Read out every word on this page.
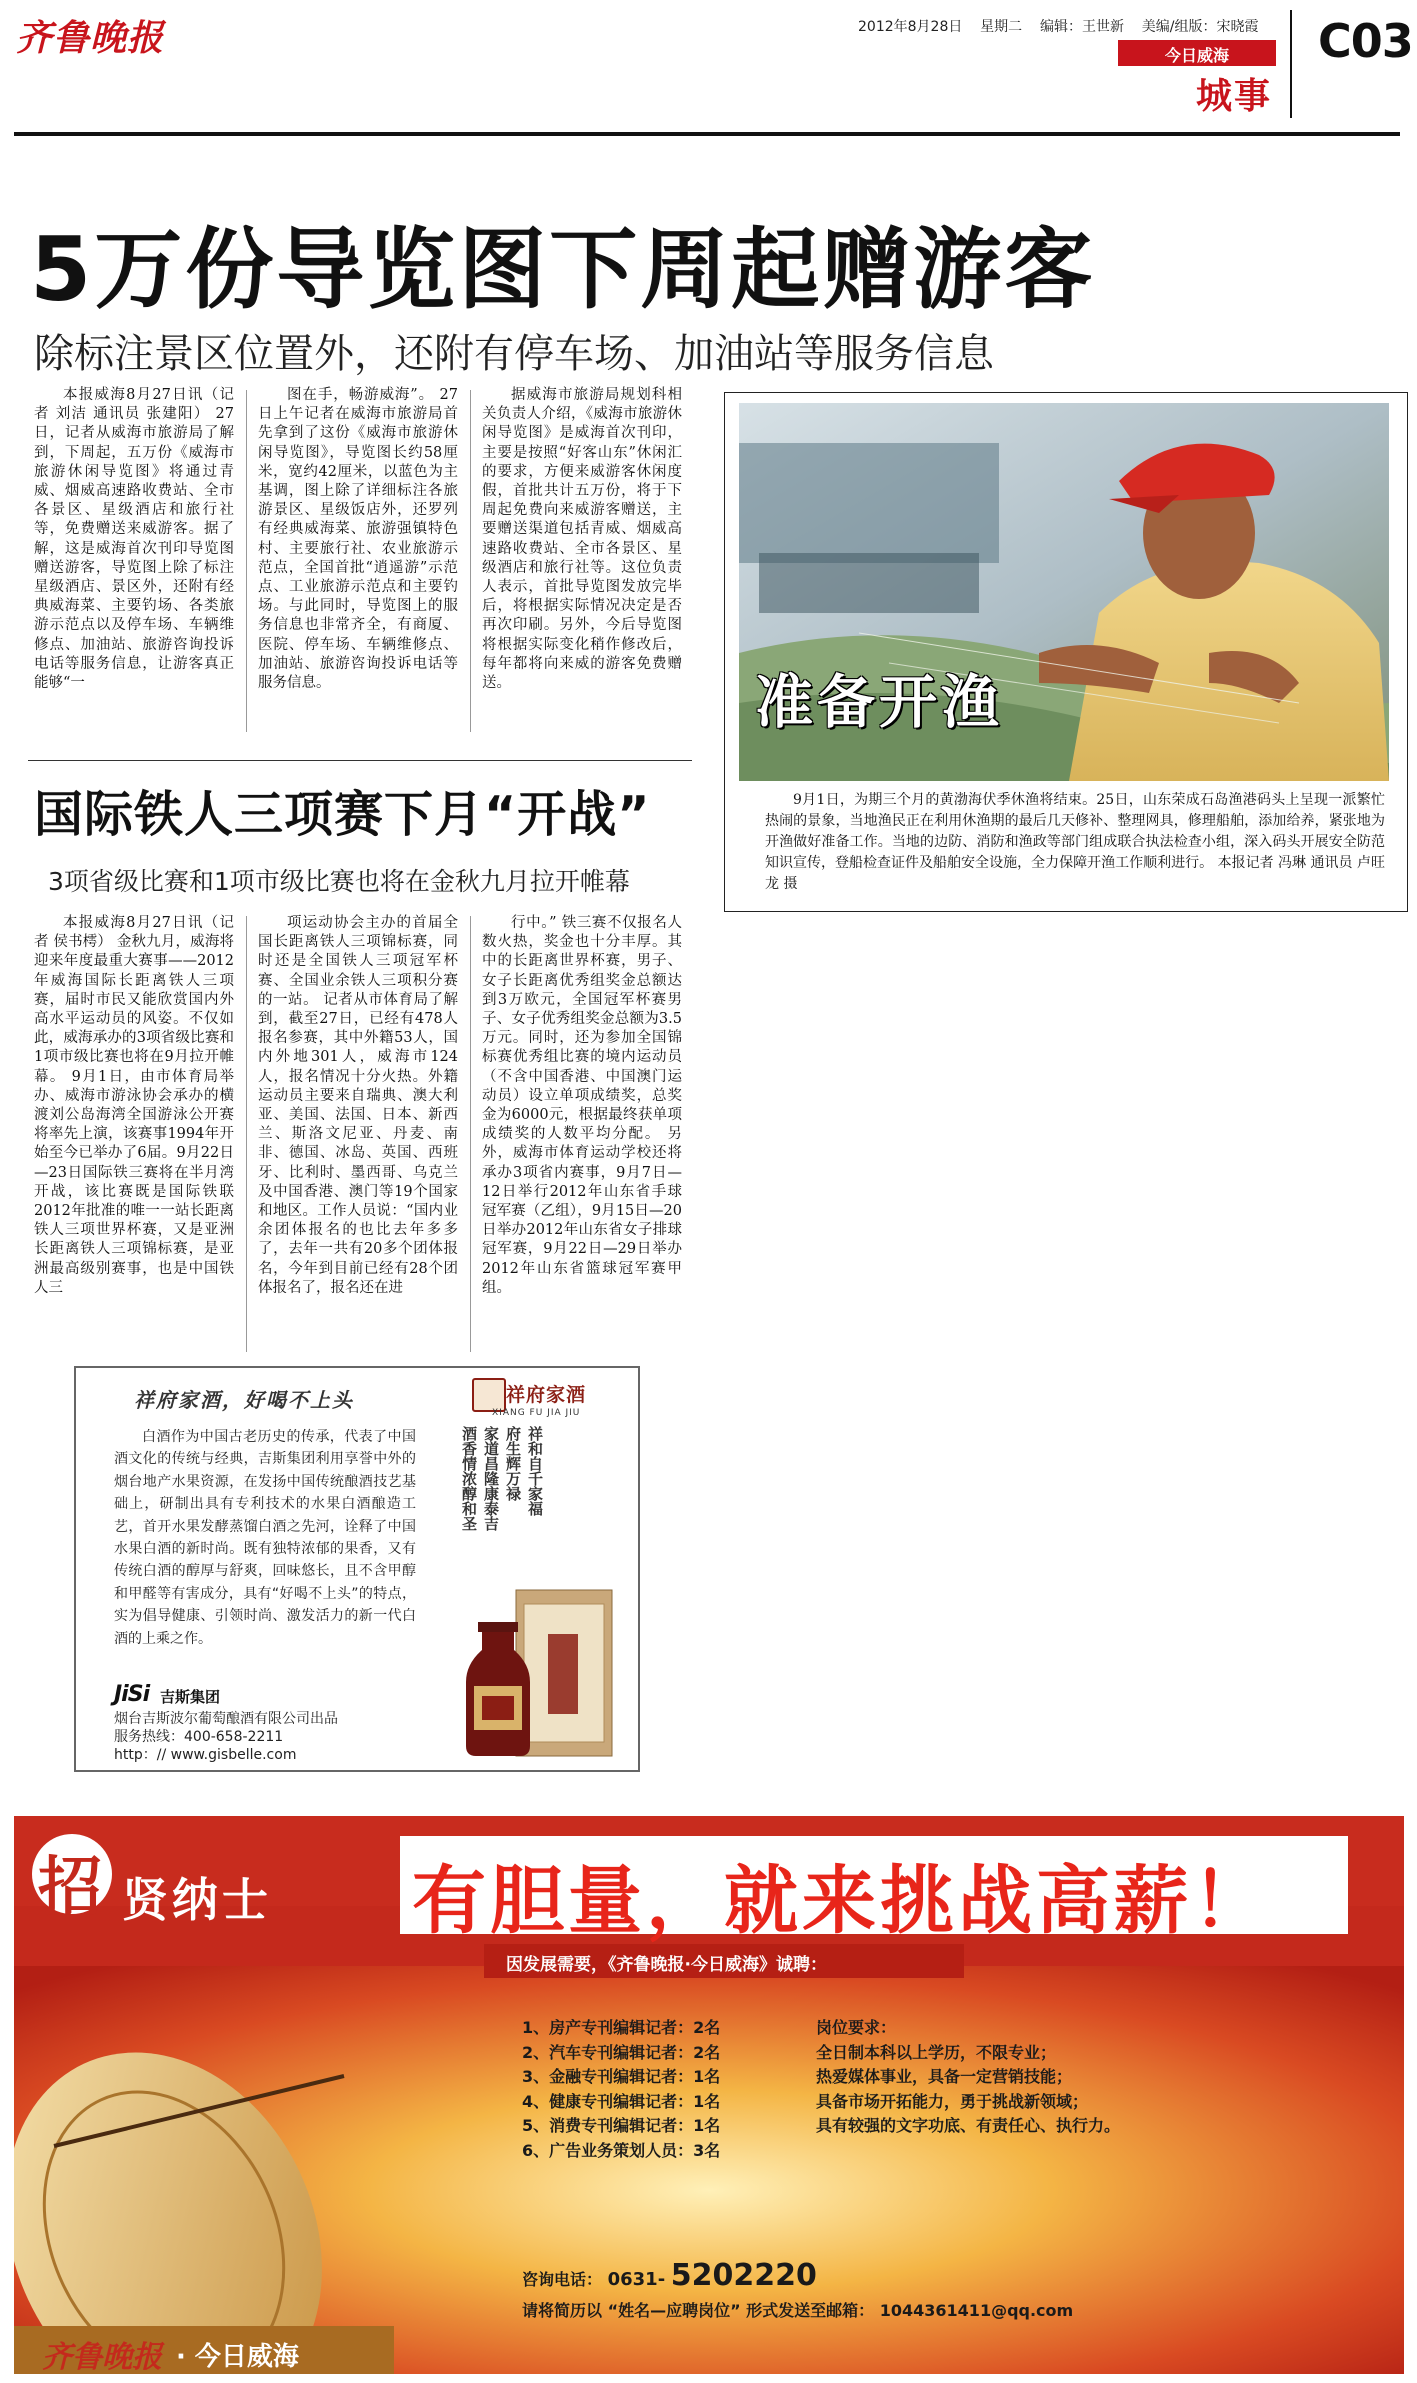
齐鲁晚报	2012年8月28日 星期二 编辑：王世新 美编/组版：宋晓霞
今日威海
城事
C03
5万份导览图下周起赠游客
除标注景区位置外，还附有停车场、加油站等服务信息

本报威海8月27日讯（记者 刘洁 通讯员 张建阳） 27日，记者从威海市旅游局了解到，下周起，五万份《威海市旅游休闲导览图》将通过青威、烟威高速路收费站、全市各景区、星级酒店和旅行社等，免费赠送来威游客。据了解，这是威海首次刊印导览图赠送游客，导览图上除了标注星级酒店、景区外，还附有经典威海菜、主要钓场、各类旅游示范点以及停车场、车辆维修点、加油站、旅游咨询投诉电话等服务信息，让游客真正能够“一

图在手，畅游威海”。 27日上午记者在威海市旅游局首先拿到了这份《威海市旅游休闲导览图》，导览图长约58厘米，宽约42厘米，以蓝色为主基调，图上除了详细标注各旅游景区、星级饭店外，还罗列有经典威海菜、旅游强镇特色村、主要旅行社、农业旅游示范点，全国首批“逍遥游”示范点、工业旅游示范点和主要钓场。与此同时，导览图上的服务信息也非常齐全，有商厦、医院、停车场、车辆维修点、加油站、旅游咨询投诉电话等服务信息。

据威海市旅游局规划科相关负责人介绍，《威海市旅游休闲导览图》是威海首次刊印，主要是按照“好客山东”休闲汇的要求，方便来威游客休闲度假，首批共计五万份，将于下周起免费向来威游客赠送，主要赠送渠道包括青威、烟威高速路收费站、全市各景区、星级酒店和旅行社等。这位负责人表示，首批导览图发放完毕后，将根据实际情况决定是否再次印刷。另外，今后导览图将根据实际变化稍作修改后，每年都将向来威的游客免费赠送。	准备开渔
9月1日，为期三个月的黄渤海伏季休渔将结束。25日，山东荣成石岛渔港码头上呈现一派繁忙热闹的景象，当地渔民正在利用休渔期的最后几天修补、整理网具，修理船舶，添加给养，紧张地为开渔做好准备工作。当地的边防、消防和渔政等部门组成联合执法检查小组，深入码头开展安全防范知识宣传，登船检查证件及船舶安全设施，全力保障开渔工作顺利进行。 本报记者 冯琳 通讯员 卢旺龙 摄
国际铁人三项赛下月“开战”
3项省级比赛和1项市级比赛也将在金秋九月拉开帷幕

本报威海8月27日讯（记者 侯书樗） 金秋九月，威海将迎来年度最重大赛事——2012年威海国际长距离铁人三项赛，届时市民又能欣赏国内外高水平运动员的风姿。不仅如此，威海承办的3项省级比赛和1项市级比赛也将在9月拉开帷幕。 9月1日，由市体育局举办、威海市游泳协会承办的横渡刘公岛海湾全国游泳公开赛将率先上演，该赛事1994年开始至今已举办了6届。9月22日—23日国际铁三赛将在半月湾开战，该比赛既是国际铁联2012年批准的唯一一站长距离铁人三项世界杯赛，又是亚洲长距离铁人三项锦标赛，是亚洲最高级别赛事，也是中国铁人三

项运动协会主办的首届全国长距离铁人三项锦标赛，同时还是全国铁人三项冠军杯赛、全国业余铁人三项积分赛的一站。 记者从市体育局了解到，截至27日，已经有478人报名参赛，其中外籍53人，国内外地301人，威海市124人，报名情况十分火热。外籍运动员主要来自瑞典、澳大利亚、美国、法国、日本、新西兰、斯洛文尼亚、丹麦、南非、德国、冰岛、英国、西班牙、比利时、墨西哥、乌克兰及中国香港、澳门等19个国家和地区。工作人员说：“国内业余团体报名的也比去年多多了，去年一共有20多个团体报名，今年到目前已经有28个团体报名了，报名还在进

行中。” 铁三赛不仅报名人数火热，奖金也十分丰厚。其中的长距离世界杯赛，男子、女子长距离优秀组奖金总额达到3万欧元，全国冠军杯赛男子、女子优秀组奖金总额为3.5万元。同时，还为参加全国锦标赛优秀组比赛的境内运动员（不含中国香港、中国澳门运动员）设立单项成绩奖，总奖金为6000元，根据最终获单项成绩奖的人数平均分配。 另外，威海市体育运动学校还将承办3项省内赛事，9月7日—12日举行2012年山东省手球冠军赛（乙组），9月15日—20日举办2012年山东省女子排球冠军赛，9月22日—29日举办2012年山东省篮球冠军赛甲组。

祥府家酒，好喝不上头
白酒作为中国古老历史的传承，代表了中国酒文化的传统与经典，吉斯集团利用享誉中外的烟台地产水果资源，在发扬中国传统酿酒技艺基础上，研制出具有专利技术的水果白酒酿造工艺，首开水果发酵蒸馏白酒之先河，诠释了中国水果白酒的新时尚。既有独特浓郁的果香，又有传统白酒的醇厚与舒爽，回味悠长，且不含甲醇和甲醛等有害成分，具有“好喝不上头”的特点，实为倡导健康、引领时尚、激发活力的新一代白酒的上乘之作。
JiSi 吉斯集团
烟台吉斯波尔葡萄酿酒有限公司出品
服务热线：400-658-2211
http：// www.gisbelle.com
祥府家酒
XIANG FU JIA JIU
祥和自千家福
府生辉万禄
家道昌隆康泰吉
酒香情浓醇和圣
招 贤纳士 有胆量，就来挑战高薪！
因发展需要，《齐鲁晚报·今日威海》诚聘：
1、房产专刊编辑记者：2名
2、汽车专刊编辑记者：2名
3、金融专刊编辑记者：1名
4、健康专刊编辑记者：1名
5、消费专刊编辑记者：1名
6、广告业务策划人员：3名
岗位要求：
全日制本科以上学历，不限专业；
热爱媒体事业，具备一定营销技能；
具备市场开拓能力，勇于挑战新领域；
具有较强的文字功底、有责任心、执行力。
咨询电话： 0631- 5202220
请将简历以 “姓名—应聘岗位” 形式发送至邮箱： 1044361411@qq.com
齐鲁晚报 · 今日威海
